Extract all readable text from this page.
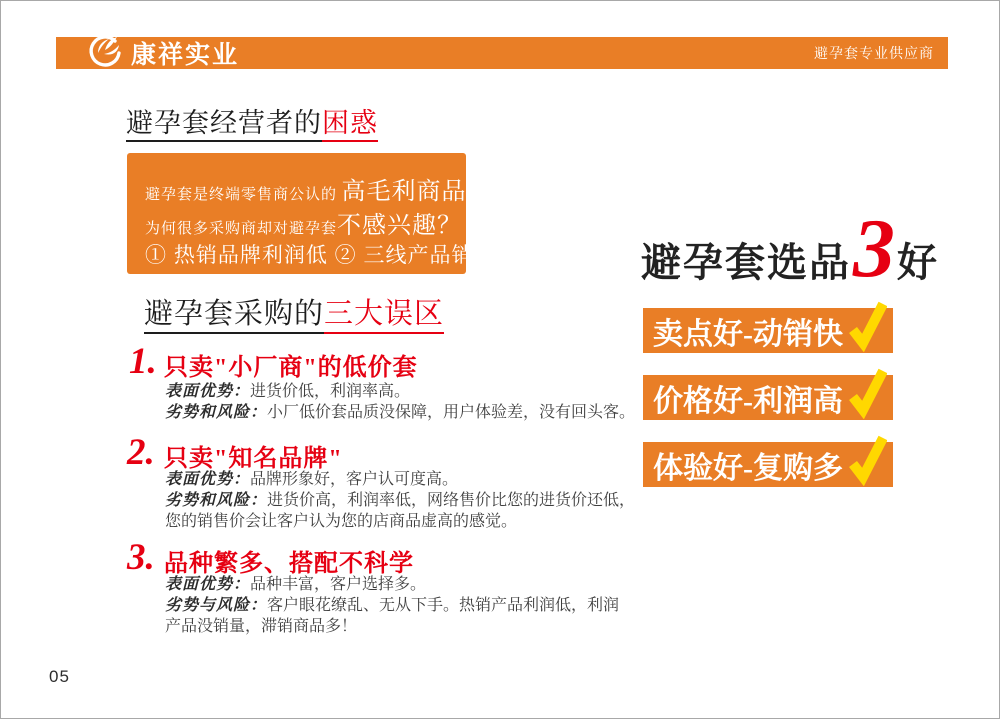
康祥实业	避孕套专业供应商
避孕套经营者的困惑
避孕套是终端零售商公认的 高毛利商品,
为何很多采购商却对避孕套不感兴趣？
① 热销品牌利润低 ② 三线产品销量少
避孕套采购的三大误区
1. 只卖"小厂商"的低价套
表面优势：进货价低，利润率高。
劣势和风险：小厂低价套品质没保障，用户体验差，没有回头客。
2. 只卖"知名品牌"
表面优势：品牌形象好，客户认可度高。
劣势和风险：进货价高，利润率低，网络售价比您的进货价还低，
您的销售价会让客户认为您的店商品虚高的感觉。
3. 品种繁多、搭配不科学
表面优势：品种丰富，客户选择多。
劣势与风险：客户眼花缭乱、无从下手。热销产品利润低，利润
产品没销量，滞销商品多！
避孕套选品3好
卖点好-动销快
价格好-利润高
体验好-复购多
05
